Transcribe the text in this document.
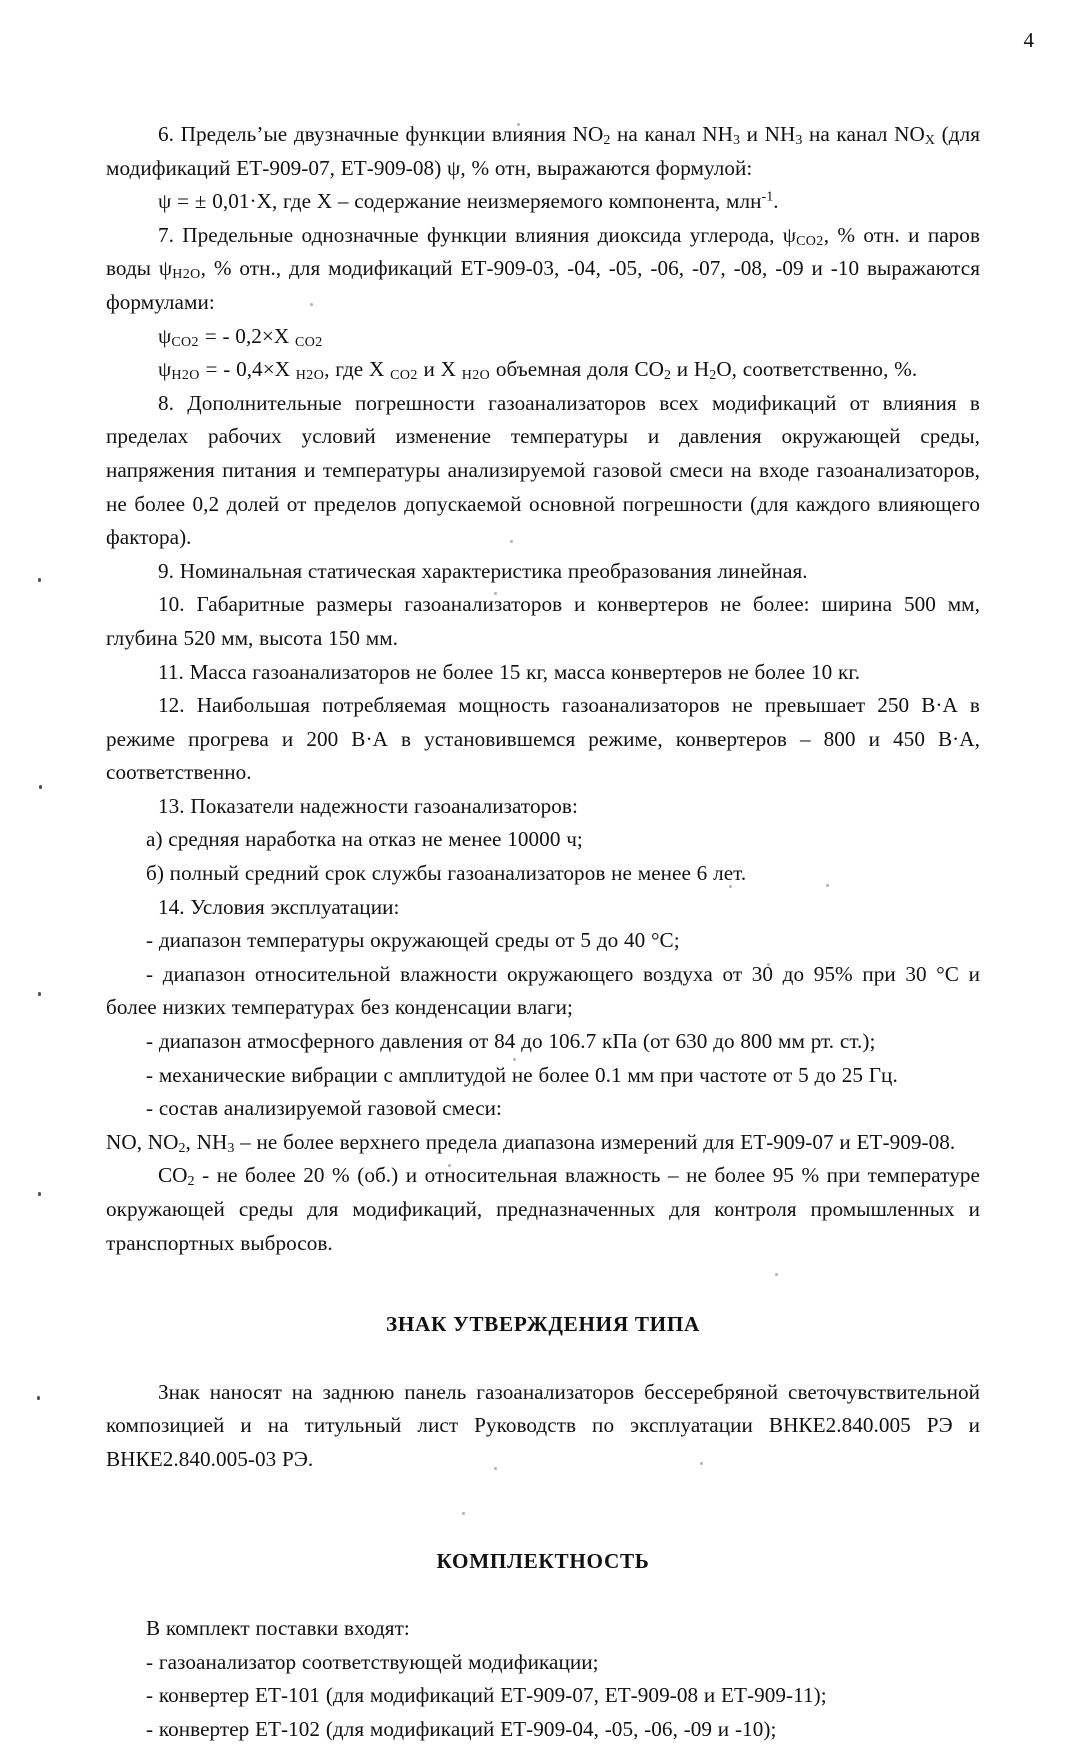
4

6. Предельʼые двузначные функции влияния $NO_2$ на канал $NH_3$ и $NH_3$ на канал $NO_X$ (для модификаций ЕТ-909-07, ЕТ-909-08) ψ, % отн, выражаются формулой:

ψ = ± 0,01·Х, где Х – содержание неизмеряемого компонента, млн$^{-1}$.

7. Предельные однозначные функции влияния диоксида углерода, $\psi_{CO2}$, % отн. и паров воды $\psi_{H2O}$, % отн., для модификаций ЕТ-909-03, -04, -05, -06, -07, -08, -09 и -10 выражаются формулами:

$\psi_{CO2}$ = - 0,2×X $_{CO2}$

$\psi_{H2O}$ = - 0,4×X $_{H2O}$, где X $_{CO2}$ и X $_{H2O}$ объемная доля $CO_2$ и $H_2O$, соответственно, %.

8. Дополнительные погрешности газоанализаторов всех модификаций от влияния в пределах рабочих условий изменение температуры и давления окружающей среды, напряжения питания и температуры анализируемой газовой смеси на входе газоанализаторов, не более 0,2 долей от пределов допускаемой основной погрешности (для каждого влияющего фактора).

9. Номинальная статическая характеристика преобразования линейная.

10. Габаритные размеры газоанализаторов и конвертеров не более: ширина 500 мм, глубина 520 мм, высота 150 мм.

11. Масса газоанализаторов не более 15 кг, масса конвертеров не более 10 кг.

12. Наибольшая потребляемая мощность газоанализаторов не превышает 250 В·А в режиме прогрева и 200 В·А в установившемся режиме, конвертеров – 800 и 450 В·А, соответственно.

13. Показатели надежности газоанализаторов:

а) средняя наработка на отказ не менее 10000 ч;

б) полный средний срок службы газоанализаторов не менее 6 лет.

14. Условия эксплуатации:

- диапазон температуры окружающей среды от 5 до 40 °С;

- диапазон относительной влажности окружающего воздуха от 30 до 95% при 30 °С и более низких температурах без конденсации влаги;

- диапазон атмосферного давления от 84 до 106.7 кПа (от 630 до 800 мм рт. ст.);

- механические вибрации с амплитудой не более 0.1 мм при частоте от 5 до 25 Гц.

- состав анализируемой газовой смеси:

NO, $NO_2$, $NH_3$ – не более верхнего предела диапазона измерений для ЕТ-909-07 и ЕТ-909-08.

$CO_2$ - не более 20 % (об.) и относительная влажность – не более 95 % при температуре окружающей среды для модификаций, предназначенных для контроля промышленных и транспортных выбросов.

ЗНАК УТВЕРЖДЕНИЯ ТИПА

Знак наносят на заднюю панель газоанализаторов бессеребряной светочувствительной композицией и на титульный лист Руководств по эксплуатации ВНКЕ2.840.005 РЭ и ВНКЕ2.840.005-03 РЭ.

КОМПЛЕКТНОСТЬ

В комплект поставки входят:

- газоанализатор соответствующей модификации;

- конвертер ЕТ-101 (для модификаций ЕТ-909-07, ЕТ-909-08 и ЕТ-909-11);

- конвертер ЕТ-102 (для модификаций ЕТ-909-04, -05, -06, -09 и -10);
